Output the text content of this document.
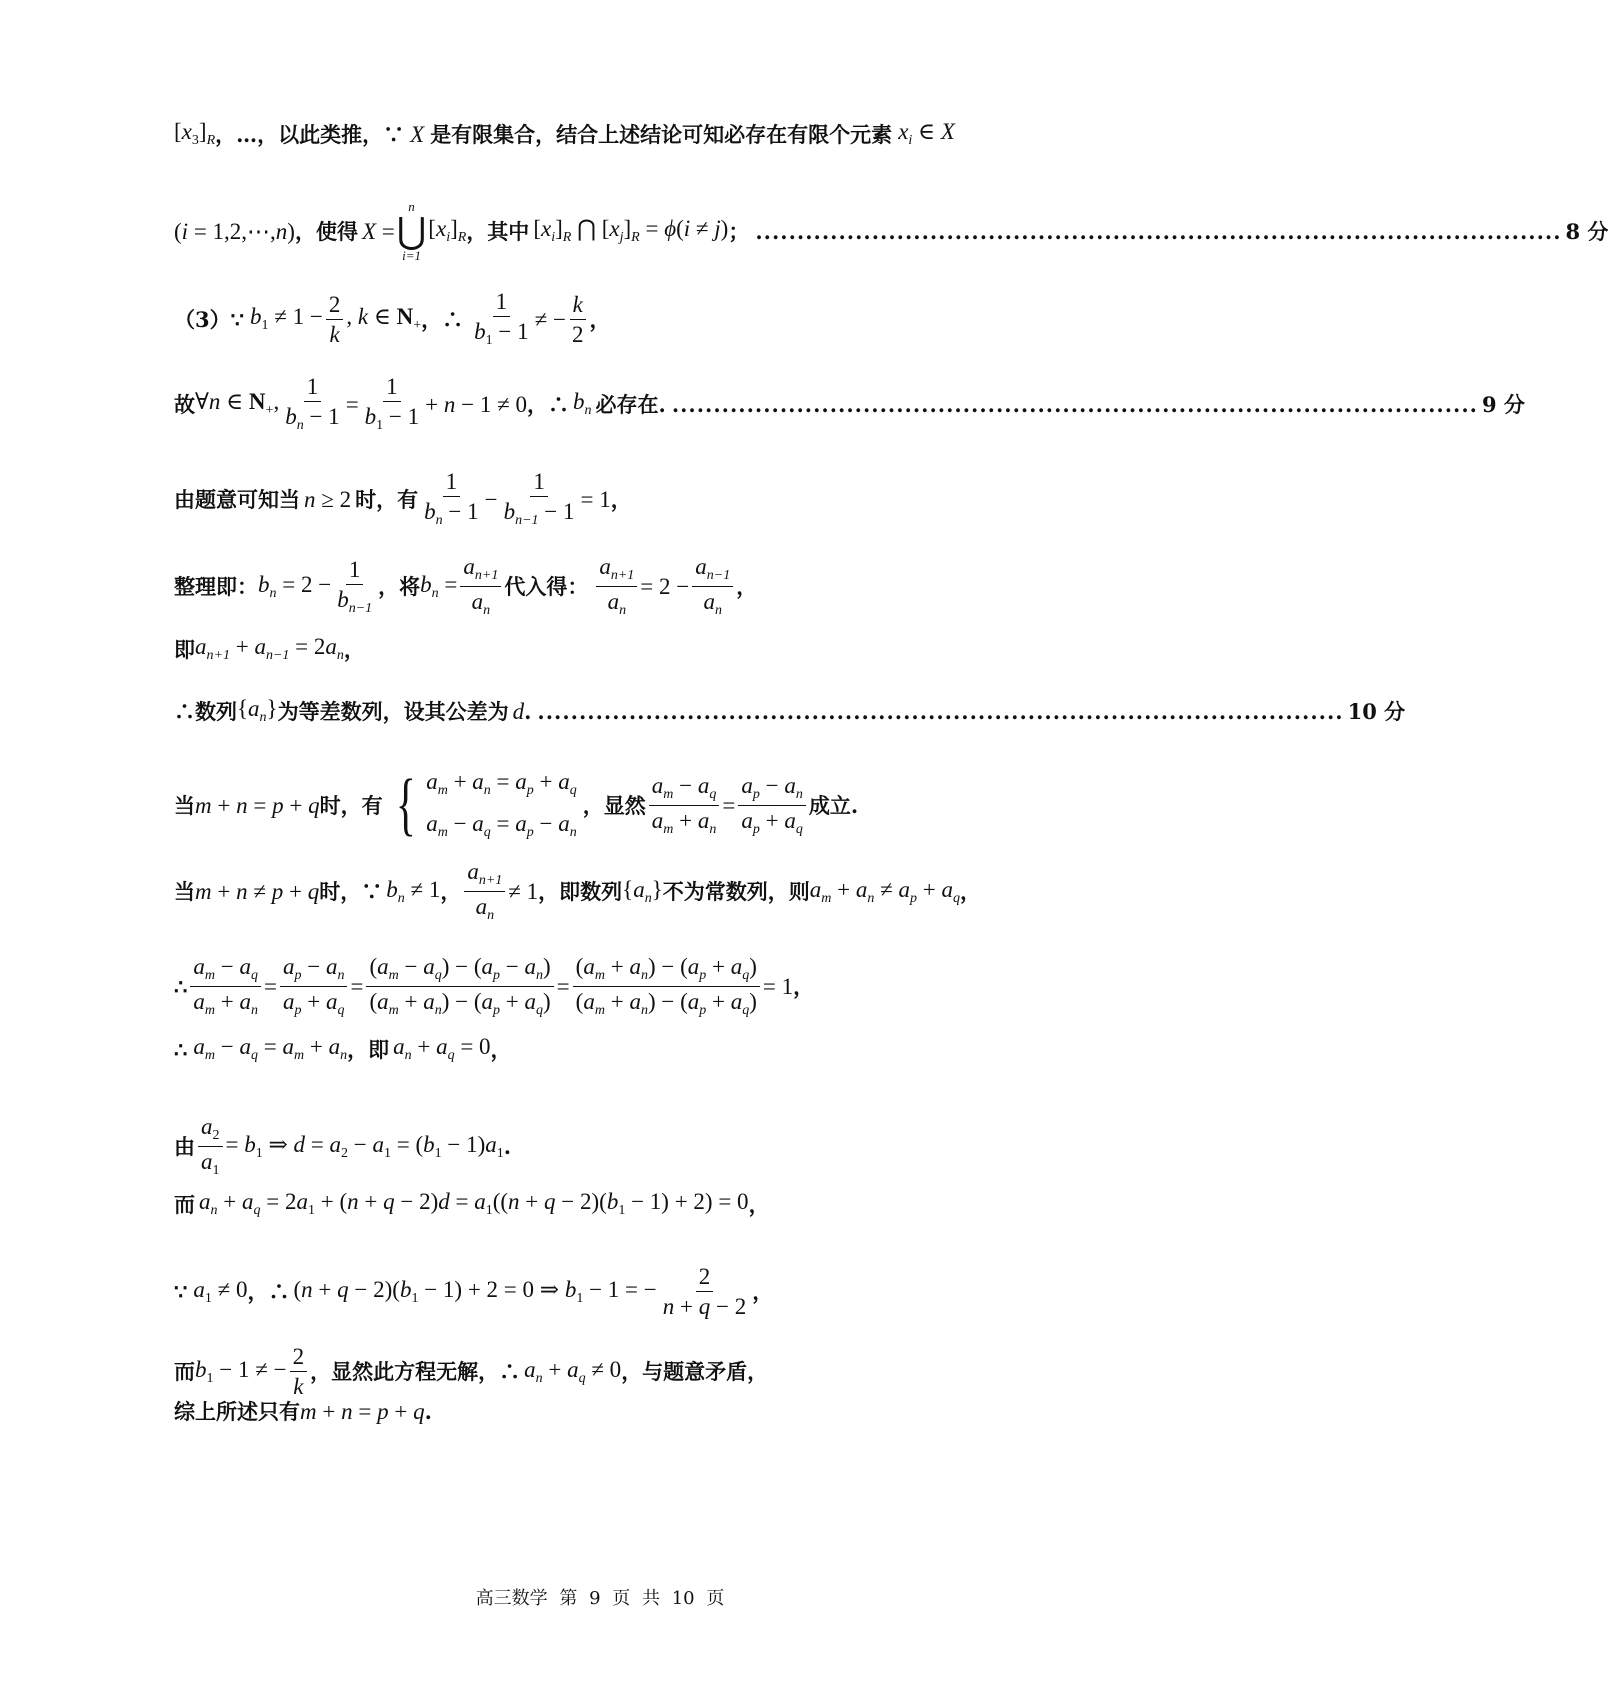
$[x_3]_R$ ，…，以此类推，∵ X 是有限集合，结合上述结论可知必存在有限个元素 $x_i$ ∈ X
(i = 1,2,⋯,n) ，使得 X =
n
⋃
i=1
$[x_i]_R$ ，其中 $[x_i]_R$ ⋂ $[x_j]_R = \phi(i \ne j)$ ； ................................................................................................. 8 分
（3） ∵ $b_1 \ne 1 - \frac{2}{k}$ , k ∈ $N_+$ ，∴ $\frac{1}{b_1 - 1}$ ≠ − $\frac{k}{2}$ ，
故 ∀n ∈ $N_+$, $\frac{1}{b_n - 1} = \frac{1}{b_1 - 1} + n - 1 \ne 0$ ，∴ $b_n$ 必存在. ................................................................................................. 9 分
由题意可知当 n ≥ 2 时，有 $\frac{1}{b_n - 1} - \frac{1}{b_{n-1} - 1} = 1$ ，
整理即： $b_n = 2 - \frac{1}{b_{n-1}}$ ，将 $b_n = \frac{a_{n+1}}{a_n}$ 代入得： $\frac{a_{n+1}}{a_n} = 2 - \frac{a_{n-1}}{a_n}$ ，
即 $a_{n+1} + a_{n-1} = 2a_n$ ，
∴数列 $\{a_n\}$ 为等差数列，设其公差为 d . ................................................................................................. 10 分
当 m + n = p + q 时，有 { $a_m + a_n = a_p + a_q$
$a_m - a_q = a_p - a_n$
，显然 $\frac{a_m - a_q}{a_m + a_n} = \frac{a_p - a_n}{a_p + a_q}$ 成立.
当 m + n ≠ p + q 时，∵ $b_n \ne 1$ ， $\frac{a_{n+1}}{a_n} \ne 1$ ，即数列 $\{a_n\}$ 不为常数列，则 $a_m + a_n \ne a_p + a_q$ ，
∴ $\frac{a_m - a_q}{a_m + a_n} = \frac{a_p - a_n}{a_p + a_q} = \frac{(a_m - a_q) - (a_p - a_n)}{(a_m + a_n) - (a_p + a_q)} = \frac{(a_m + a_n) - (a_p + a_q)}{(a_m + a_n) - (a_p + a_q)} = 1$ ，
∴ $a_m - a_q = a_m + a_n$ ，即 $a_n + a_q = 0$ ，
由 $\frac{a_2}{a_1} = b_1$ ⇒ $d = a_2 - a_1 = (b_1 - 1)a_1$ .
而 $a_n + a_q = 2a_1 + (n + q - 2)d = a_1((n + q - 2)(b_1 - 1) + 2) = 0$ ，
∵ $a_1 \ne 0$ ，∴ $(n + q - 2)(b_1 - 1) + 2 = 0$ ⇒ $b_1 - 1$ = − $\frac{2}{n + q - 2}$ ，
而 $b_1 - 1$ ≠ − $\frac{2}{k}$ ，显然此方程无解，∴ $a_n + a_q \ne 0$ ，与题意矛盾，
综上所述只有 m + n = p + q .
高三数学 第 9 页 共 10 页
